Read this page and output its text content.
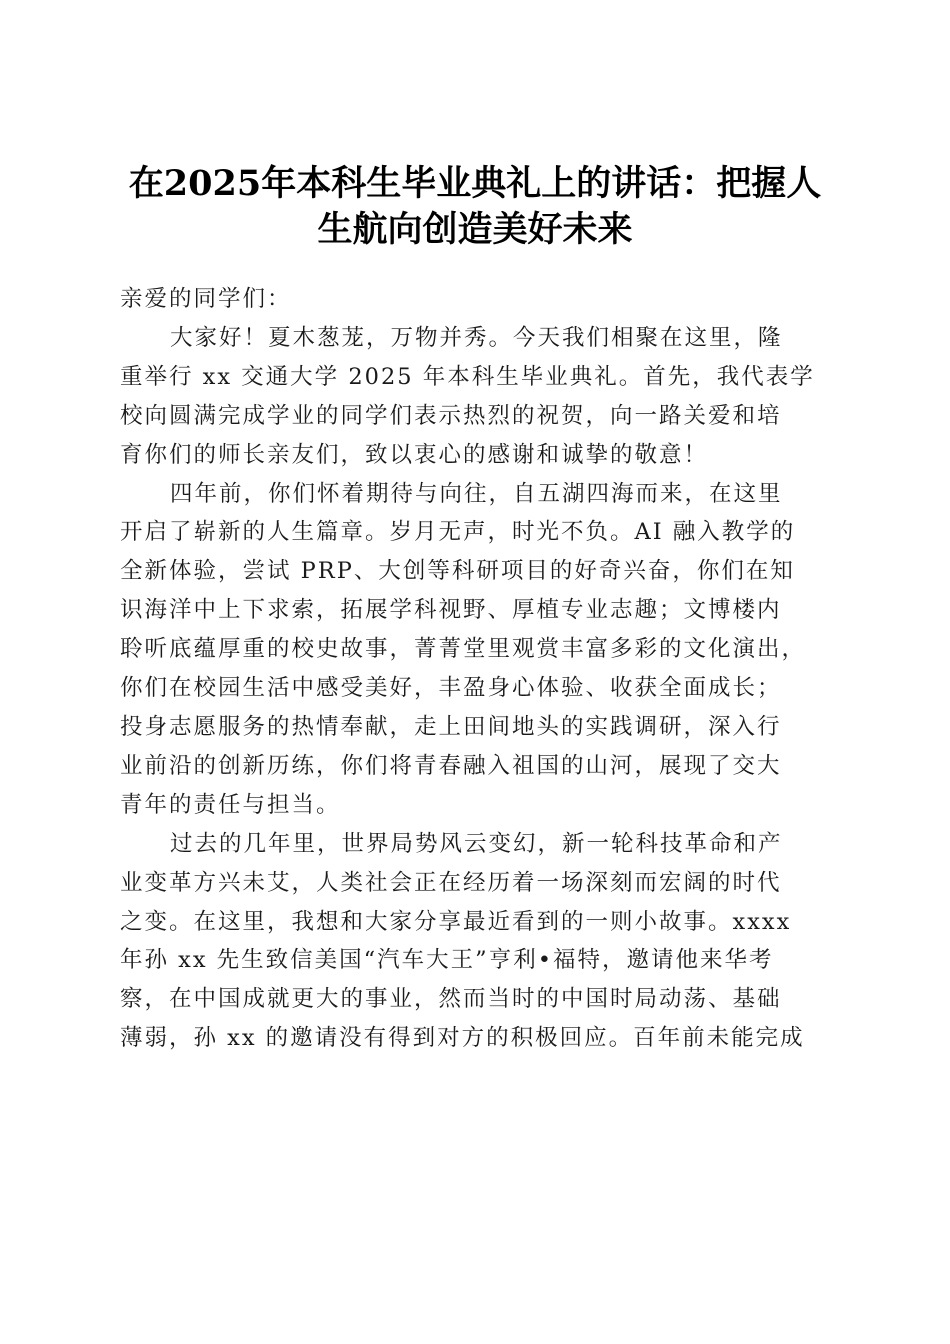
在2025年本科生毕业典礼上的讲话：把握人
生航向创造美好未来

亲爱的同学们：

大家好！夏木葱茏，万物并秀。今天我们相聚在这里，隆

重举行 xx 交通大学 2025 年本科生毕业典礼。首先，我代表学

校向圆满完成学业的同学们表示热烈的祝贺，向一路关爱和培

育你们的师长亲友们，致以衷心的感谢和诚挚的敬意！

四年前，你们怀着期待与向往，自五湖四海而来，在这里

开启了崭新的人生篇章。岁月无声，时光不负。AI 融入教学的

全新体验，尝试 PRP、大创等科研项目的好奇兴奋，你们在知

识海洋中上下求索，拓展学科视野、厚植专业志趣；文博楼内

聆听底蕴厚重的校史故事，菁菁堂里观赏丰富多彩的文化演出，

你们在校园生活中感受美好，丰盈身心体验、收获全面成长；

投身志愿服务的热情奉献，走上田间地头的实践调研，深入行

业前沿的创新历练，你们将青春融入祖国的山河，展现了交大

青年的责任与担当。

过去的几年里，世界局势风云变幻，新一轮科技革命和产

业变革方兴未艾，人类社会正在经历着一场深刻而宏阔的时代

之变。在这里，我想和大家分享最近看到的一则小故事。xxxx

年孙 xx 先生致信美国“汽车大王”亨利•福特，邀请他来华考

察，在中国成就更大的事业，然而当时的中国时局动荡、基础

薄弱，孙 xx 的邀请没有得到对方的积极回应。百年前未能完成
